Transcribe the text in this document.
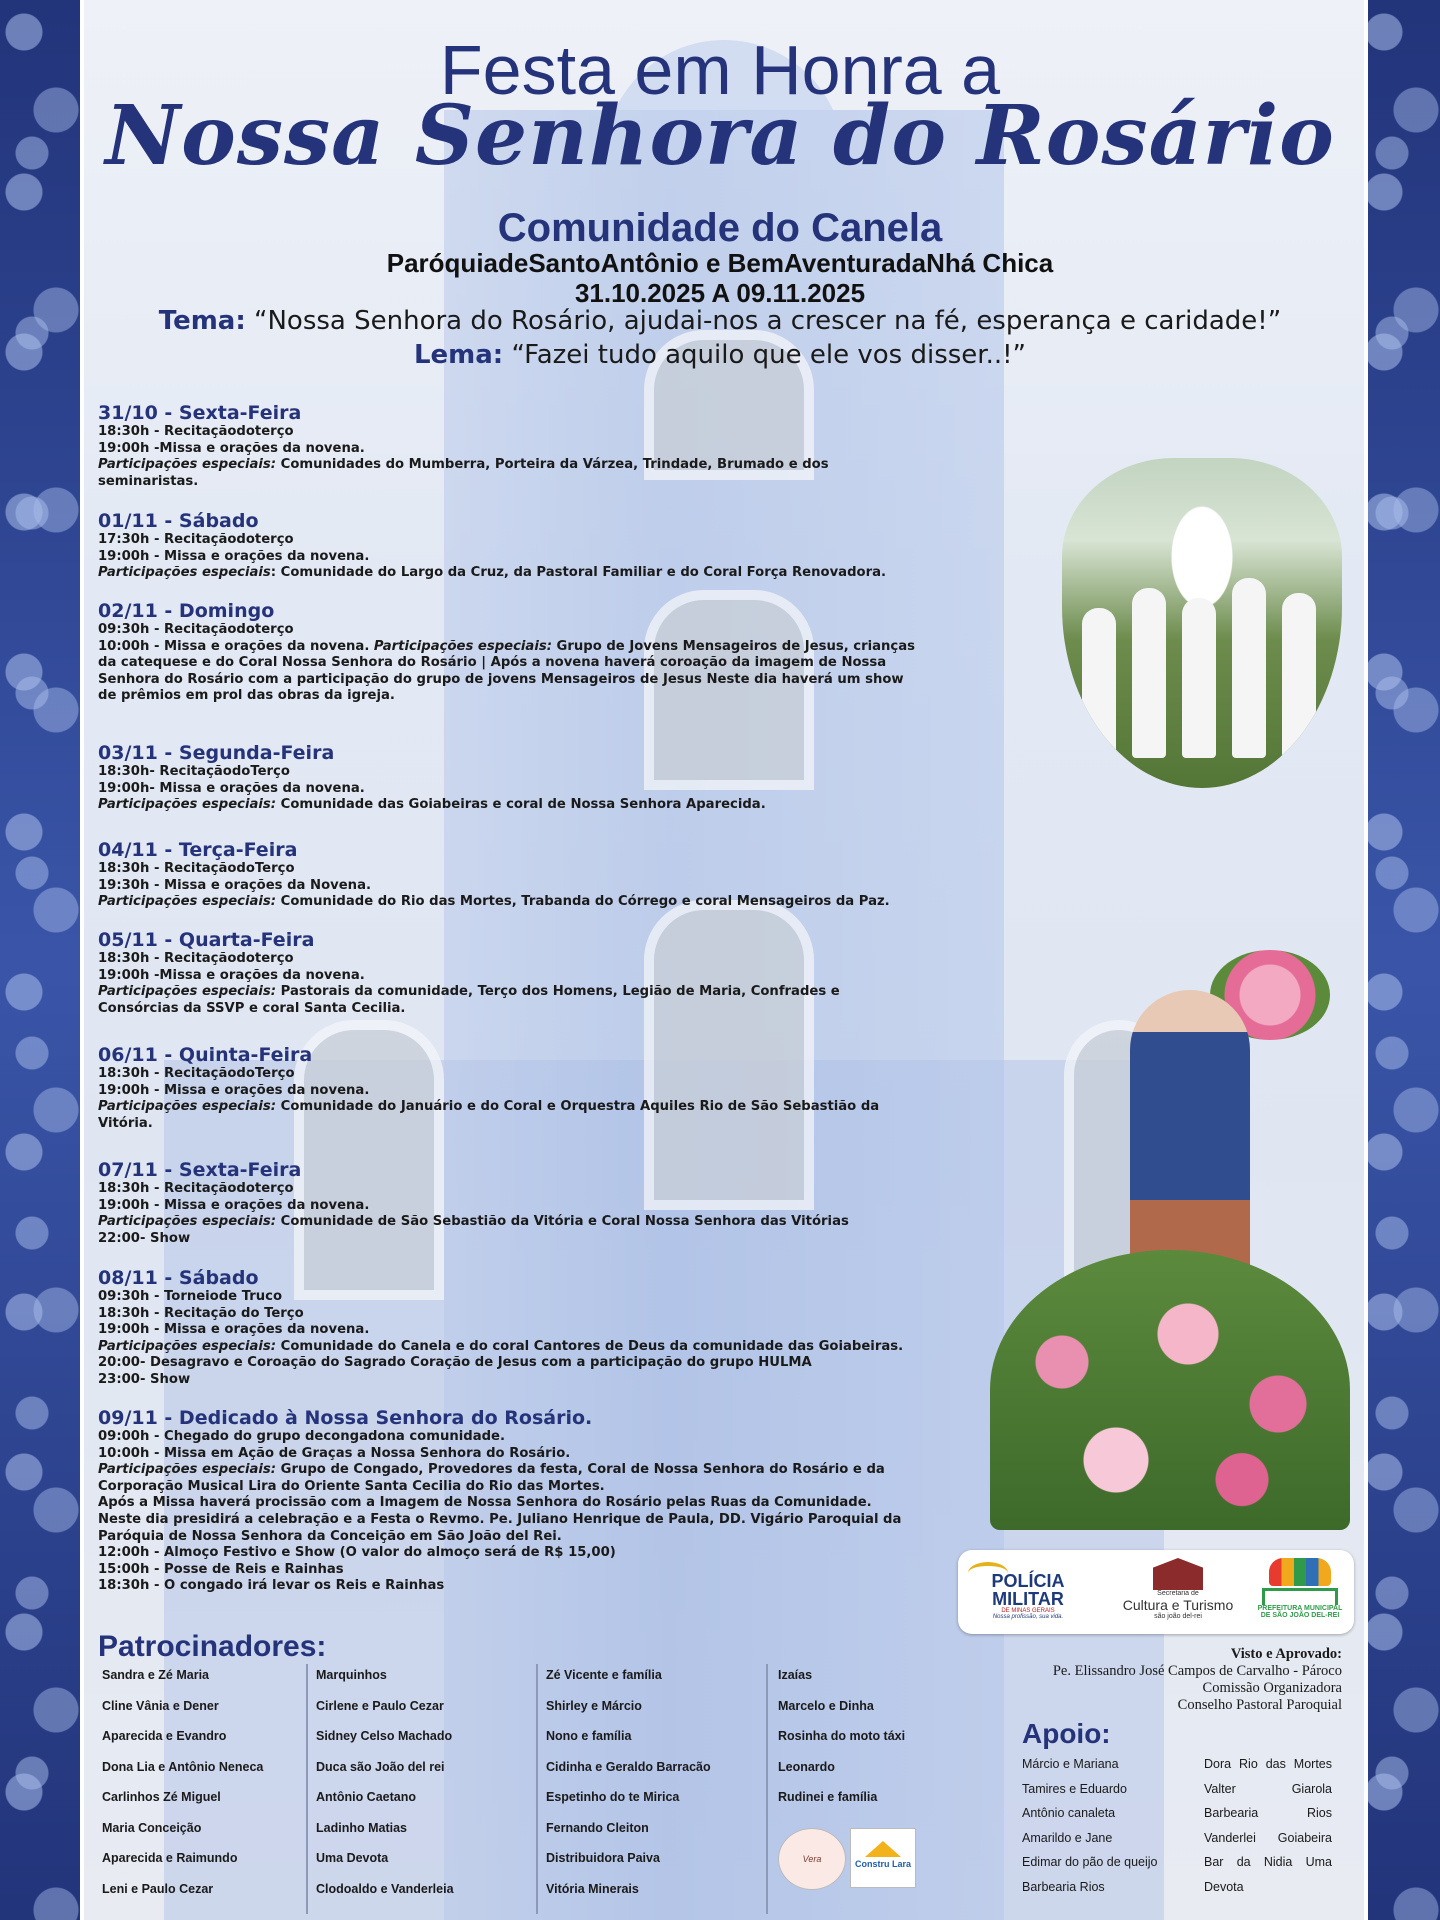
Festa em Honra a
Nossa Senhora do Rosário
Comunidade do Canela
ParóquiadeSantoAntônio e BemAventuradaNhá Chica
31.10.2025 A 09.11.2025
Tema: “Nossa Senhora do Rosário, ajudai-nos a crescer na fé, esperança e caridade!”
Lema: “Fazei tudo aquilo que ele vos disser..!”
31/10 - Sexta-Feira
18:30h - Recitaçãodoterço
19:00h -Missa e orações da novena.
Participações especiais: Comunidades do Mumberra, Porteira da Várzea, Trindade, Brumado e dos
seminaristas.
01/11 - Sábado
17:30h - Recitaçãodoterço
19:00h - Missa e orações da novena.
Participações especiais: Comunidade do Largo da Cruz, da Pastoral Familiar e do Coral Força Renovadora.
02/11 - Domingo
09:30h - Recitaçãodoterço
10:00h - Missa e orações da novena. Participações especiais: Grupo de Jovens Mensageiros de Jesus, crianças
da catequese e do Coral Nossa Senhora do Rosário | Após a novena haverá coroação da imagem de Nossa
Senhora do Rosário com a participação do grupo de jovens Mensageiros de Jesus Neste dia haverá um show
de prêmios em prol das obras da igreja.
03/11 - Segunda-Feira
18:30h- RecitaçãodoTerço
19:00h- Missa e orações da novena.
Participações especiais: Comunidade das Goiabeiras e coral de Nossa Senhora Aparecida.
04/11 - Terça-Feira
18:30h - RecitaçãodoTerço
19:30h - Missa e orações da Novena.
Participações especiais: Comunidade do Rio das Mortes, Trabanda do Córrego e coral Mensageiros da Paz.
05/11 - Quarta-Feira
18:30h - Recitaçãodoterço
19:00h -Missa e orações da novena.
Participações especiais: Pastorais da comunidade, Terço dos Homens, Legião de Maria, Confrades e
Consórcias da SSVP e coral Santa Cecilia.
06/11 - Quinta-Feira
18:30h - RecitaçãodoTerço
19:00h - Missa e orações da novena.
Participações especiais: Comunidade do Januário e do Coral e Orquestra Aquiles Rio de São Sebastião da
Vitória.
07/11 - Sexta-Feira
18:30h - Recitaçãodoterço
19:00h - Missa e orações da novena.
Participações especiais: Comunidade de São Sebastião da Vitória e Coral Nossa Senhora das Vitórias
22:00- Show
08/11 - Sábado
09:30h - Torneiode Truco
18:30h - Recitação do Terço
19:00h - Missa e orações da novena.
Participações especiais: Comunidade do Canela e do coral Cantores de Deus da comunidade das Goiabeiras.
20:00- Desagravo e Coroação do Sagrado Coração de Jesus com a participação do grupo HULMA
23:00- Show
09/11 - Dedicado à Nossa Senhora do Rosário.
09:00h - Chegado do grupo decongadona comunidade.
10:00h - Missa em Ação de Graças a Nossa Senhora do Rosário.
Participações especiais: Grupo de Congado, Provedores da festa, Coral de Nossa Senhora do Rosário e da
Corporação Musical Lira do Oriente Santa Cecilia do Rio das Mortes.
Após a Missa haverá procissão com a Imagem de Nossa Senhora do Rosário pelas Ruas da Comunidade.
Neste dia presidirá a celebração e a Festa o Revmo. Pe. Juliano Henrique de Paula, DD. Vigário Paroquial da
Paróquia de Nossa Senhora da Conceição em São João del Rei.
12:00h - Almoço Festivo e Show (O valor do almoço será de R$ 15,00)
15:00h - Posse de Reis e Rainhas
18:30h - O congado irá levar os Reis e Rainhas	POLÍCIA
MILITAR
DE MINAS GERAIS
Nossa profissão, sua vida.
Secretaria de
Cultura e Turismo
são joão del-rei
PREFEITURA MUNICIPAL
DE SÃO JOÃO DEL-REI
Visto e Aprovado:
Pe. Elissandro José Campos de Carvalho - Pároco
Comissão Organizadora
Conselho Pastoral Paroquial
Patrocinadores:
Sandra e Zé Maria
Cline Vânia e Dener
Aparecida e Evandro
Dona Lia e Antônio Neneca
Carlinhos Zé Miguel
Maria Conceição
Aparecida e Raimundo
Leni e Paulo Cezar
Marquinhos
Cirlene e Paulo Cezar
Sidney Celso Machado
Duca são João del rei
Antônio Caetano
Ladinho Matias
Uma Devota
Clodoaldo e Vanderleia
Zé Vicente e família
Shirley e Márcio
Nono e família
Cidinha e Geraldo Barracão
Espetinho do te Mirica
Fernando Cleiton
Distribuidora Paiva
Vitória Minerais
Izaías
Marcelo e Dinha
Rosinha do moto táxi
Leonardo
Rudinei e família
Vera	Constru Lara
Apoio:
Márcio e Mariana
Tamires e Eduardo
Antônio canaleta
Amarildo e Jane
Edimar do pão de queijo
Barbearia Rios
Dora Rio das Mortes
Valter Giarola
Barbearia Rios
Vanderlei Goiabeira
Bar da Nidia Uma
Devota
